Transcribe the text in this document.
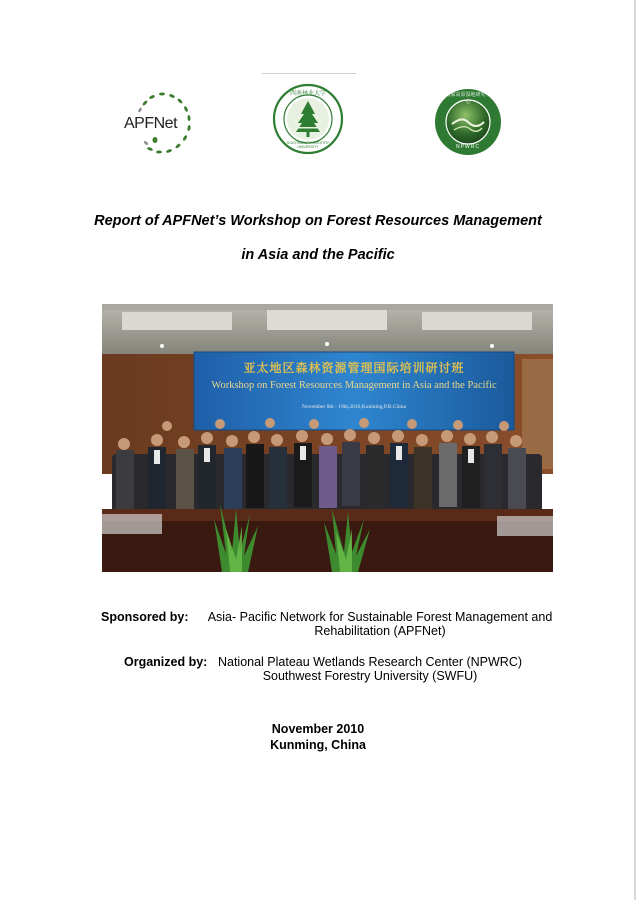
APFNet
西南林业大学
SOUTHWEST FORESTRY UNIVERSITY
国家高原湿地研究中心
NPWRC
Report of APFNet’s Workshop on Forest Resources Management
in Asia and the Pacific
亚太地区森林资源管理国际培训研讨班
Workshop on Forest Resources Management in Asia and the Pacific
November 8th - 19th,2010,Kunming,P.R.China
Sponsored by:	Asia- Pacific Network for Sustainable Forest Management and
Rehabilitation (APFNet)
Organized by: National Plateau Wetlands Research Center (NPWRC)
Southwest Forestry University (SWFU)
November 2010
Kunming, China
